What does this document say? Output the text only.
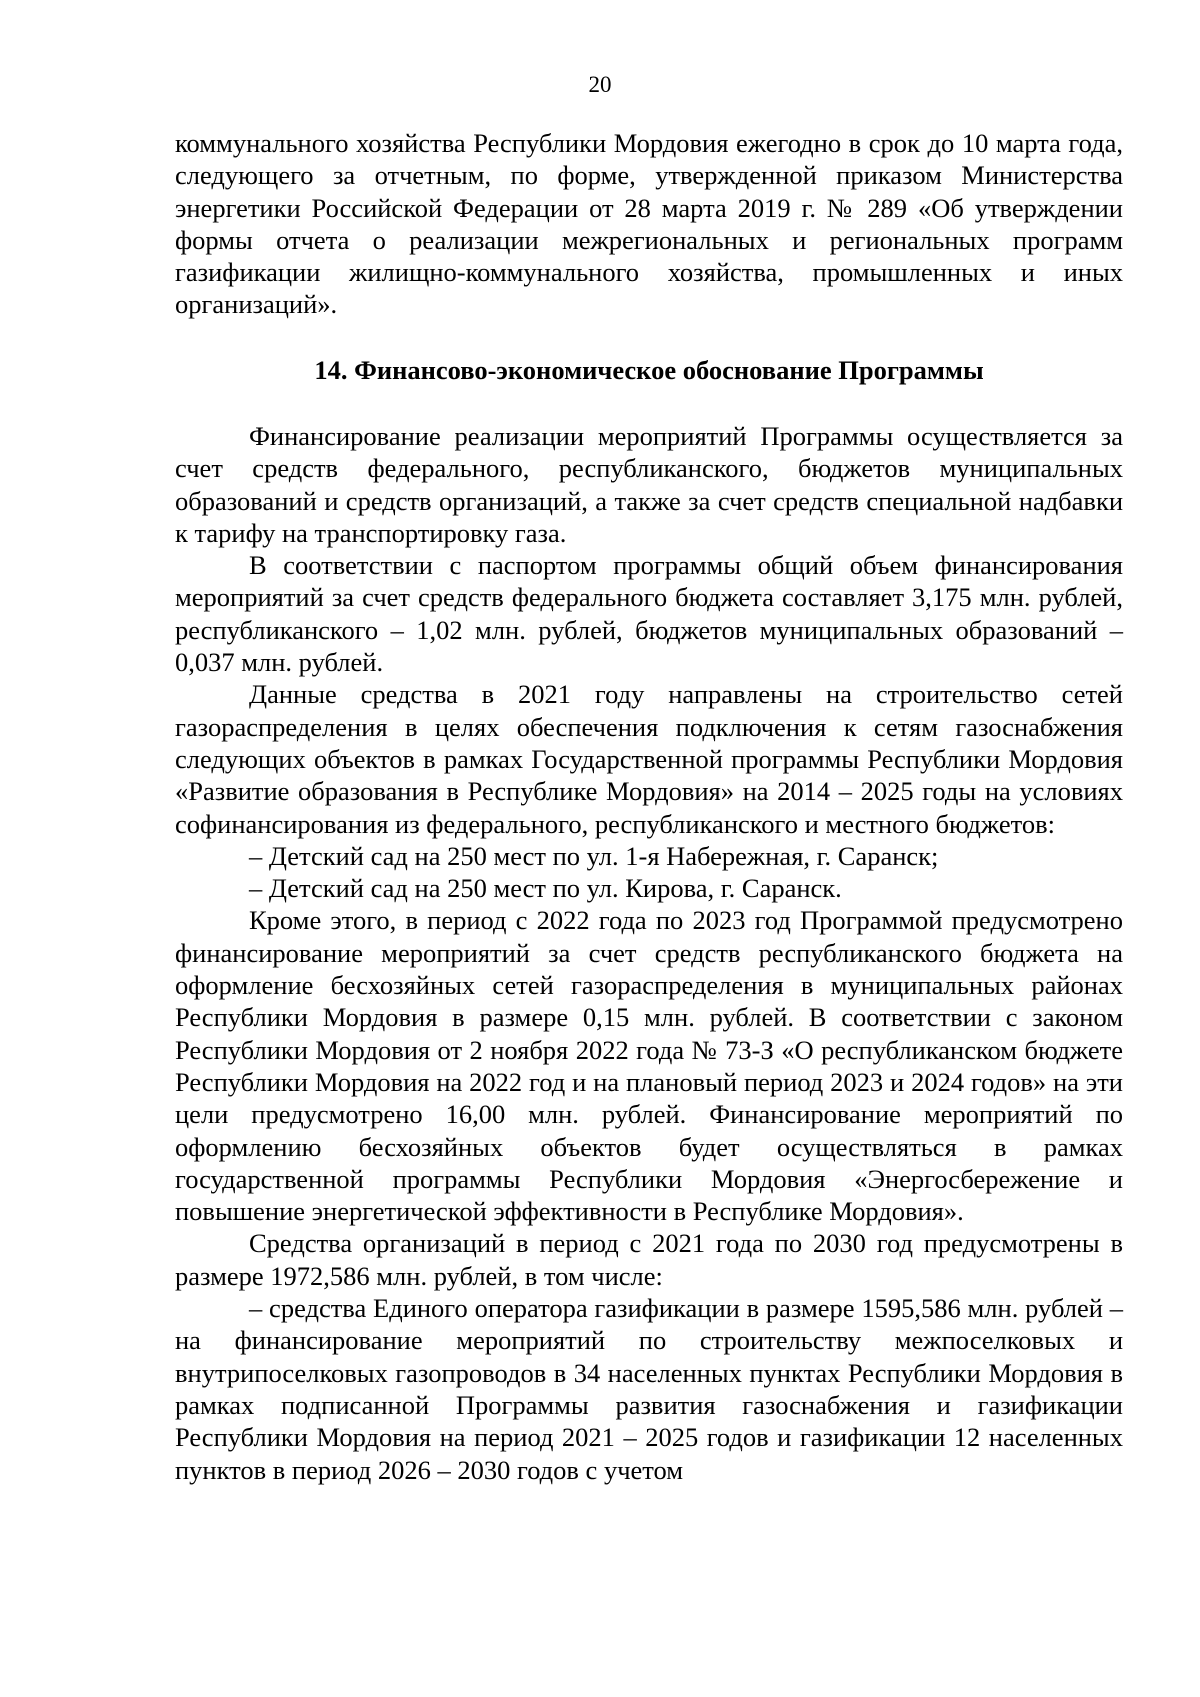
20

коммунального хозяйства Республики Мордовия ежегодно в срок до 10 марта года, следующего за отчетным, по форме, утвержденной приказом Министерства энергетики Российской Федерации от 28 марта 2019 г. № 289 «Об утверждении формы отчета о реализации межрегиональных и региональных программ газификации жилищно-коммунального хозяйства, промышленных и иных организаций».

14. Финансово-экономическое обоснование Программы

Финансирование реализации мероприятий Программы осуществляется за счет средств федерального, республиканского, бюджетов муниципальных образований и средств организаций, а также за счет средств специальной надбавки к тарифу на транспортировку газа.

В соответствии с паспортом программы общий объем финансирования мероприятий за счет средств федерального бюджета составляет 3,175 млн. рублей, республиканского – 1,02 млн. рублей, бюджетов муниципальных образований – 0,037 млн. рублей.

Данные средства в 2021 году направлены на строительство сетей газораспределения в целях обеспечения подключения к сетям газоснабжения следующих объектов в рамках Государственной программы Республики Мордовия «Развитие образования в Республике Мордовия» на 2014 – 2025 годы на условиях софинансирования из федерального, республиканского и местного бюджетов:

– Детский сад на 250 мест по ул. 1-я Набережная, г. Саранск;

– Детский сад на 250 мест по ул. Кирова, г. Саранск.

Кроме этого, в период с 2022 года по 2023 год Программой предусмотрено финансирование мероприятий за счет средств республиканского бюджета на оформление бесхозяйных сетей газораспределения в муниципальных районах Республики Мордовия в размере 0,15 млн. рублей. В соответствии с законом Республики Мордовия от 2 ноября 2022 года № 73-З «О республиканском бюджете Республики Мордовия на 2022 год и на плановый период 2023 и 2024 годов» на эти цели предусмотрено 16,00 млн. рублей. Финансирование мероприятий по оформлению бесхозяйных объектов будет осуществляться в рамках государственной программы Республики Мордовия «Энергосбережение и повышение энергетической эффективности в Республике Мордовия».

Средства организаций в период с 2021 года по 2030 год предусмотрены в размере 1972,586 млн. рублей, в том числе:

– средства Единого оператора газификации в размере 1595,586 млн. рублей – на финансирование мероприятий по строительству межпоселковых и внутрипоселковых газопроводов в 34 населенных пунктах Республики Мордовия в рамках подписанной Программы развития газоснабжения и газификации Республики Мордовия на период 2021 – 2025 годов и газификации 12 населенных пунктов в период 2026 – 2030 годов с учетом
